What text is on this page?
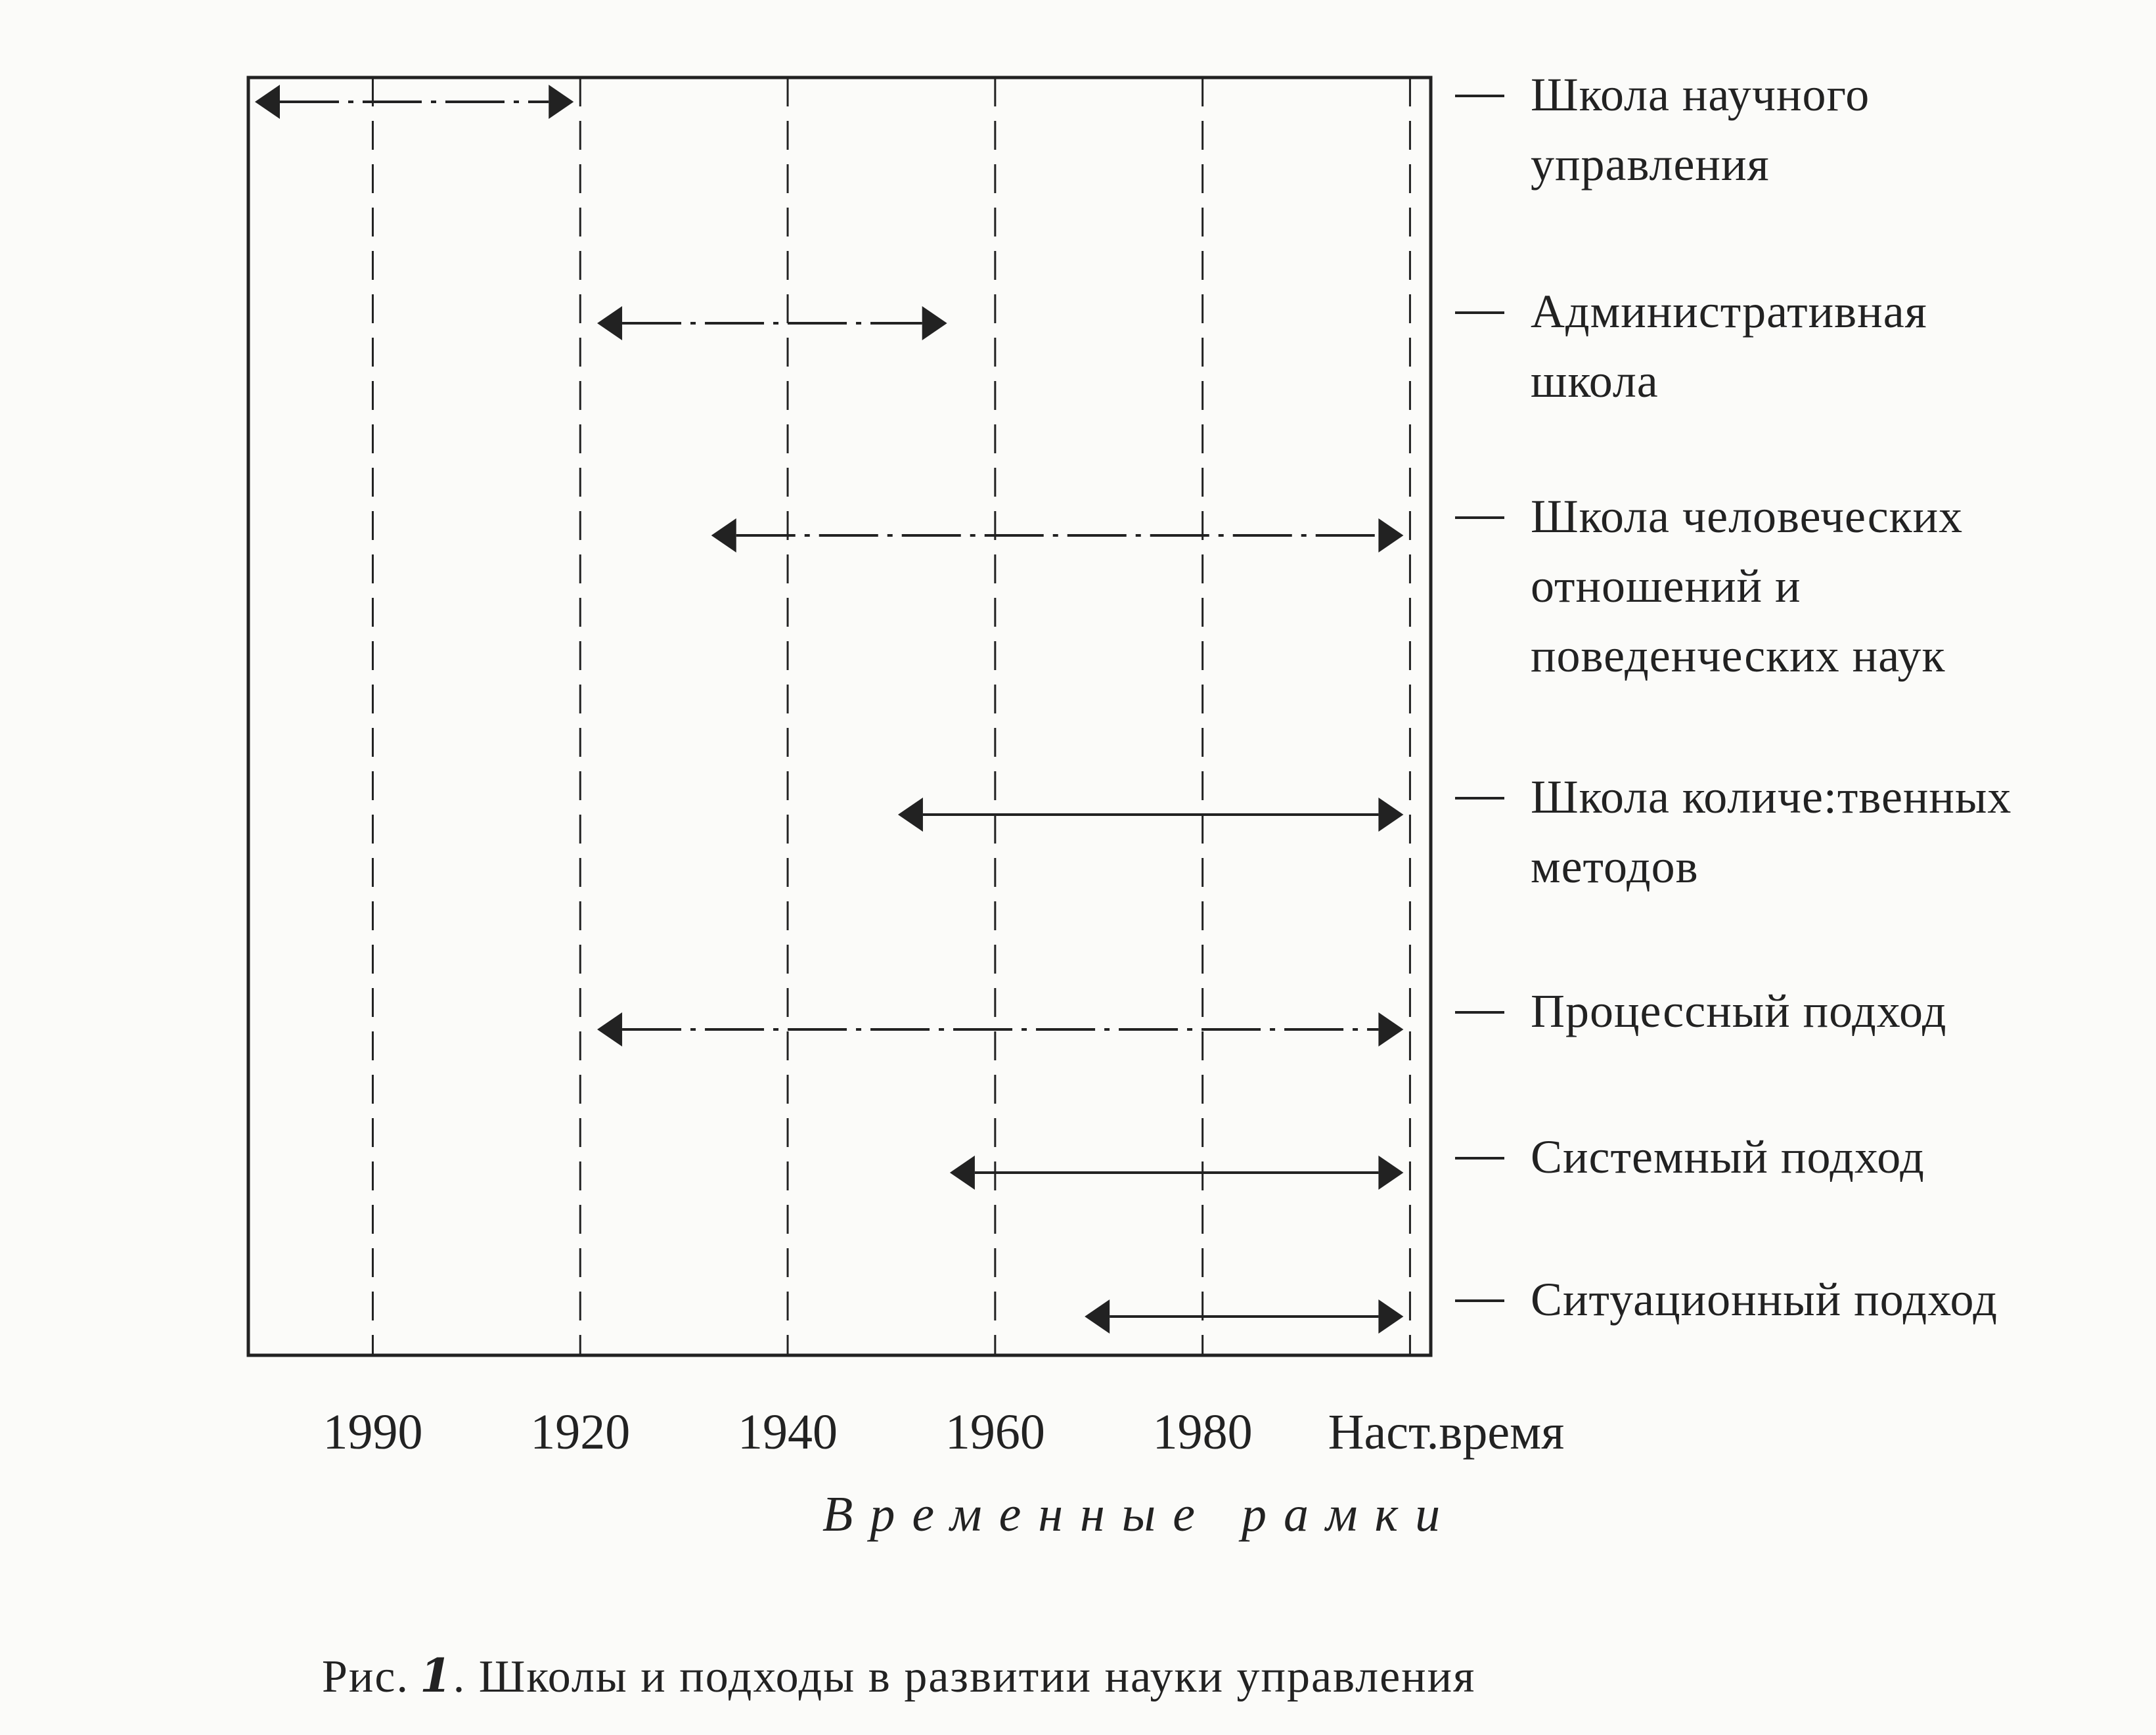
Школа научного
управления
Административная
школа
Школа человеческих
отношений и
поведенческих наук
Школа количе:твенных
методов
Процессный подход
Системный подход
Ситуационный подход
1990 1920 1940 1960 1980 Наст.время
Временные рамки
Рис. 1. Школы и подходы в развитии науки управления
